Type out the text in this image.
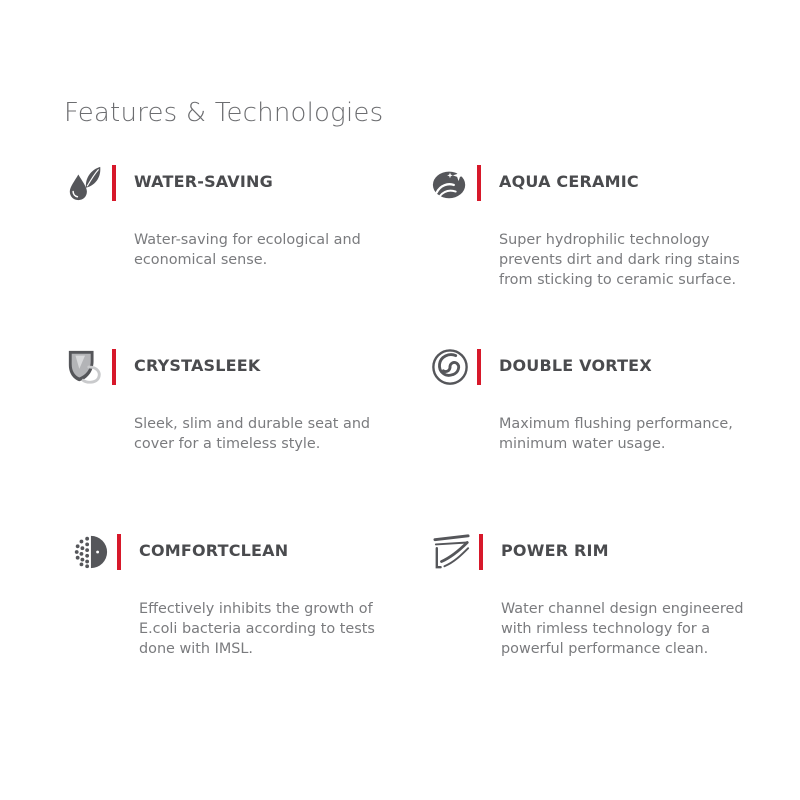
Features & Technologies
WATER-SAVING

Water-saving for ecological and economical sense.

AQUA CERAMIC

Super hydrophilic technology prevents dirt and dark ring stains from sticking to ceramic surface.

CRYSTASLEEK

Sleek, slim and durable seat and cover for a timeless style.

DOUBLE VORTEX

Maximum flushing performance, minimum water usage.

COMFORTCLEAN

Effectively inhibits the growth of E.coli bacteria according to tests done with IMSL.

POWER RIM

Water channel design engineered with rimless technology for a powerful performance clean.
